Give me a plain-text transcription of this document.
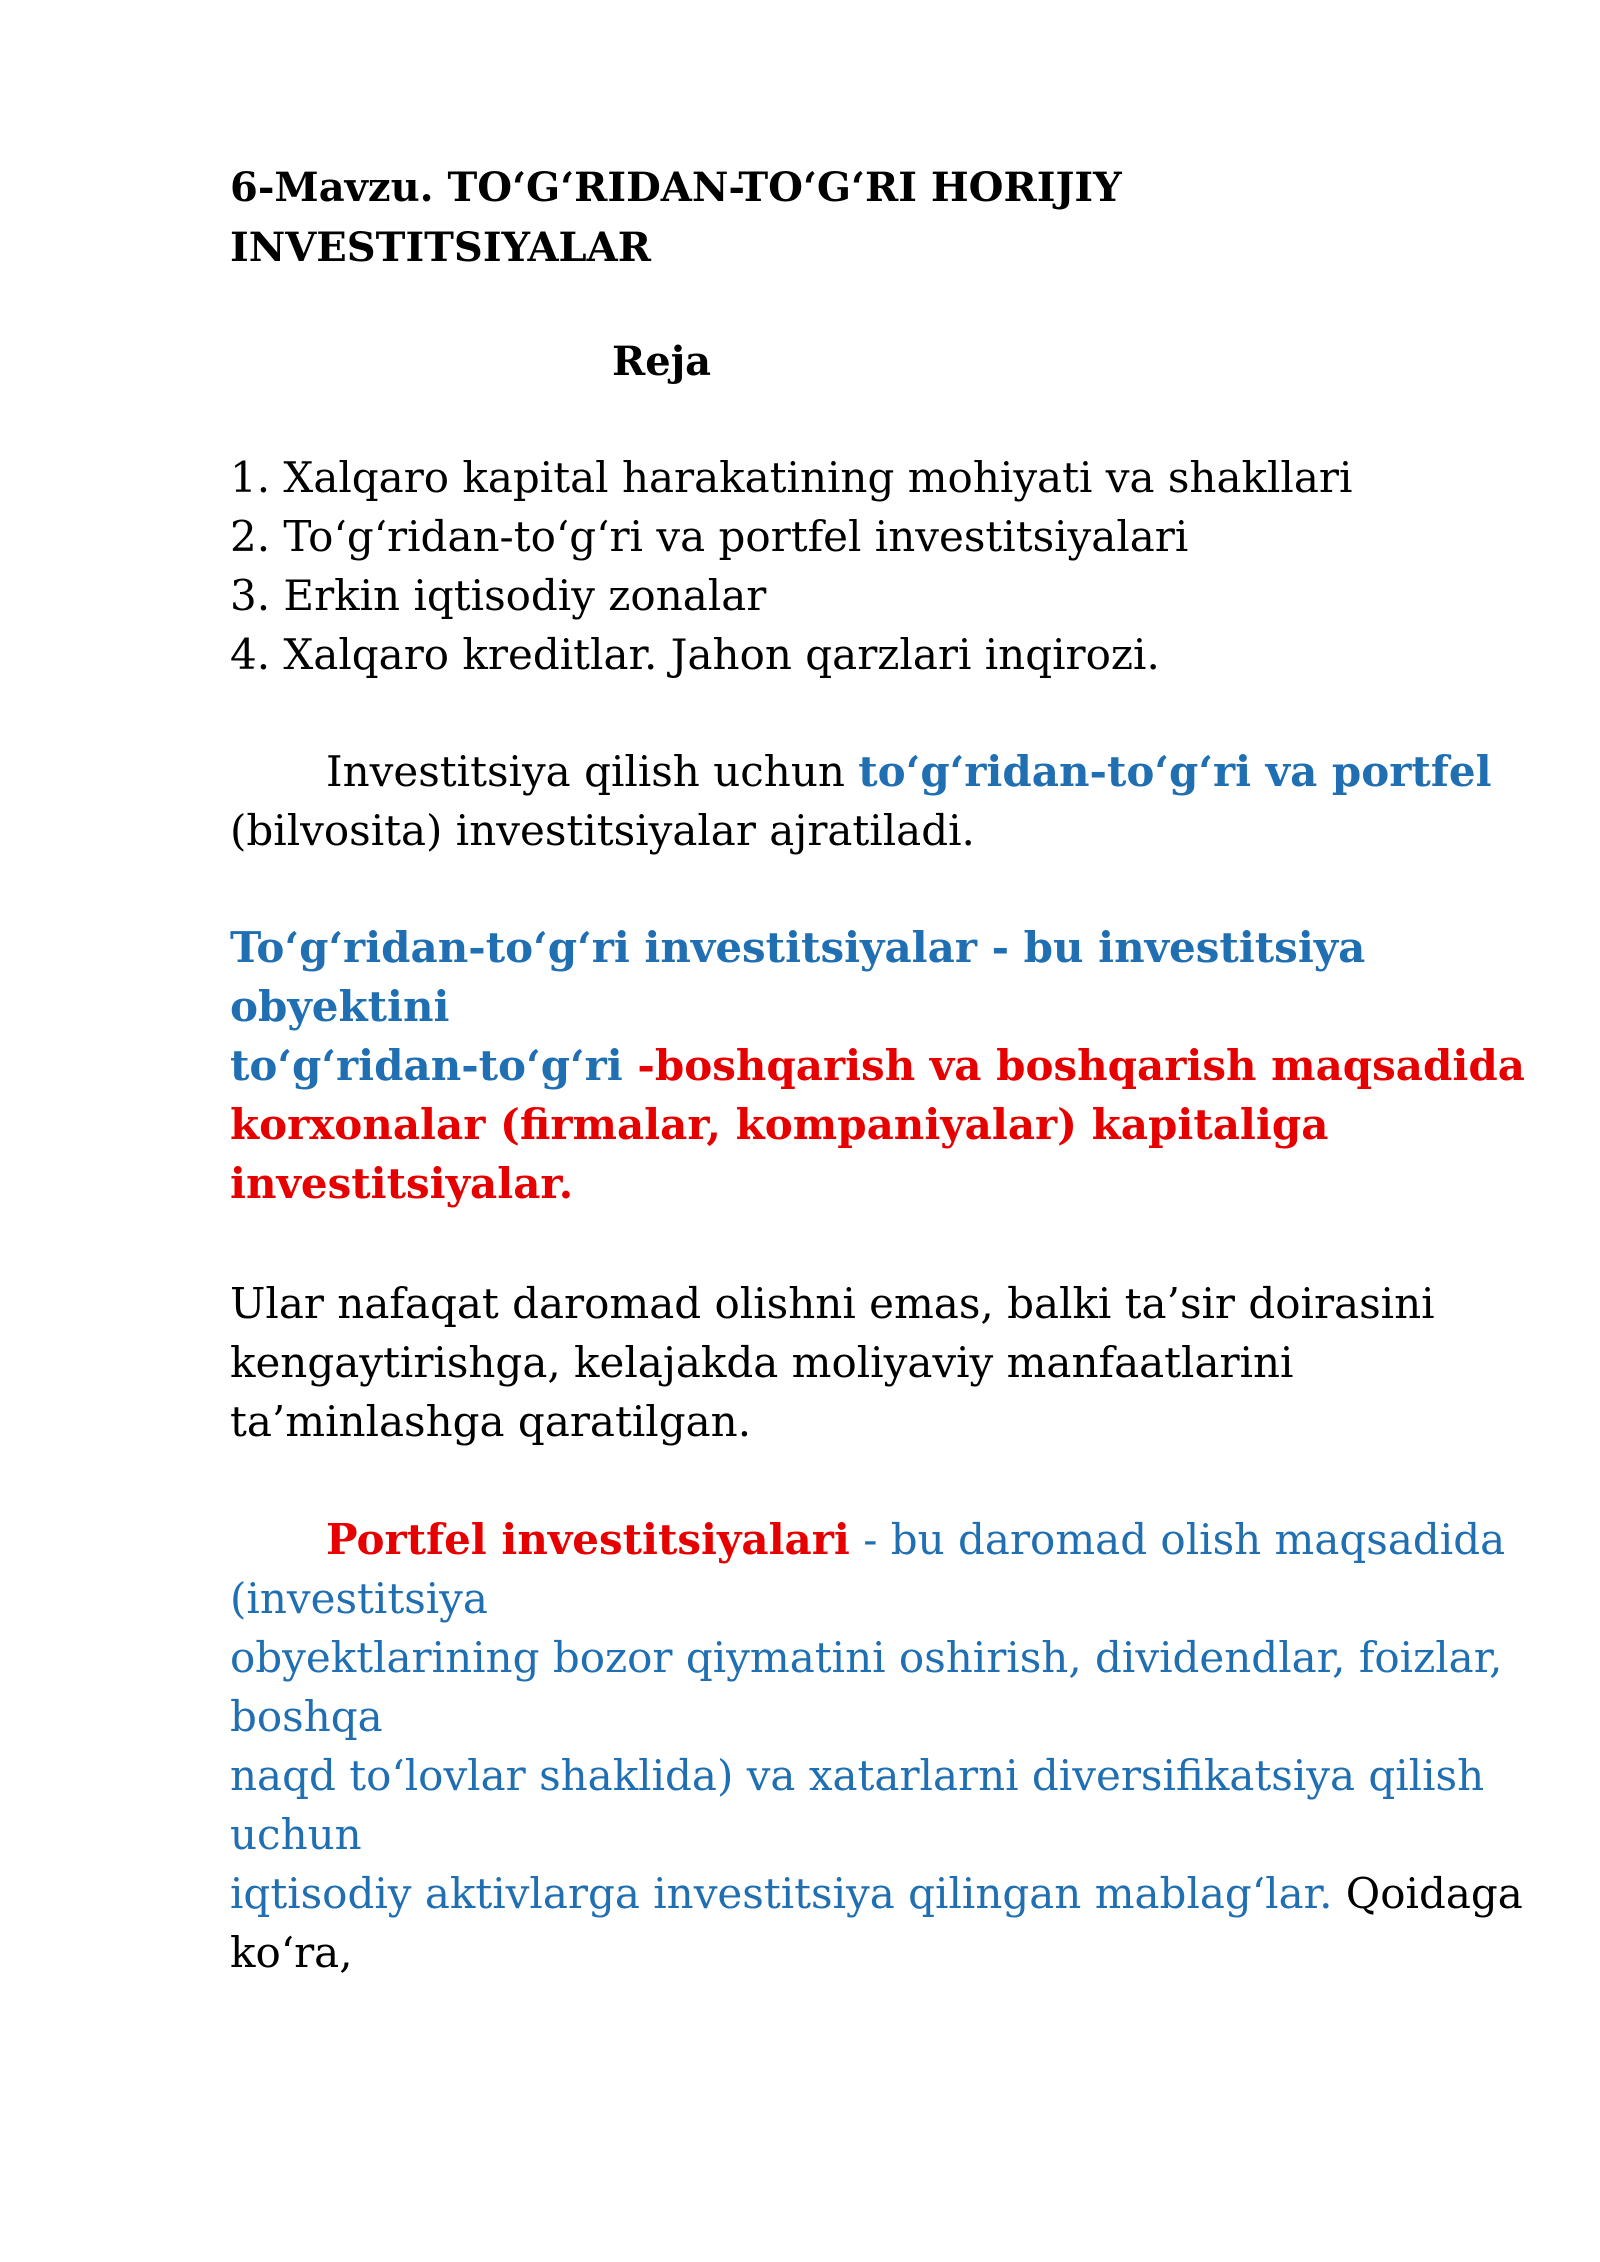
6-Mavzu. TO‘G‘RIDAN-TO‘G‘RI HORIJIY
INVESTITSIYALAR
Reja
1. Xalqaro kapital harakatining mohiyati va shakllari
2. To‘g‘ridan-to‘g‘ri va portfel investitsiyalari
3. Erkin iqtisodiy zonalar
4. Xalqaro kreditlar. Jahon qarzlari inqirozi.
Investitsiya qilish uchun to‘g‘ridan-to‘g‘ri va portfel
(bilvosita) investitsiyalar ajratiladi.
To‘g‘ridan-to‘g‘ri investitsiyalar - bu investitsiya
obyektini
to‘g‘ridan-to‘g‘ri -boshqarish va boshqarish maqsadida
korxonalar (firmalar, kompaniyalar) kapitaliga
investitsiyalar.
Ular nafaqat daromad olishni emas, balki ta’sir doirasini
kengaytirishga, kelajakda moliyaviy manfaatlarini
ta’minlashga qaratilgan.
Portfel investitsiyalari - bu daromad olish maqsadida
(investitsiya
obyektlarining bozor qiymatini oshirish, dividendlar, foizlar,
boshqa
naqd to‘lovlar shaklida) va xatarlarni diversifikatsiya qilish
uchun
iqtisodiy aktivlarga investitsiya qilingan mablag‘lar. Qoidaga
ko‘ra,
